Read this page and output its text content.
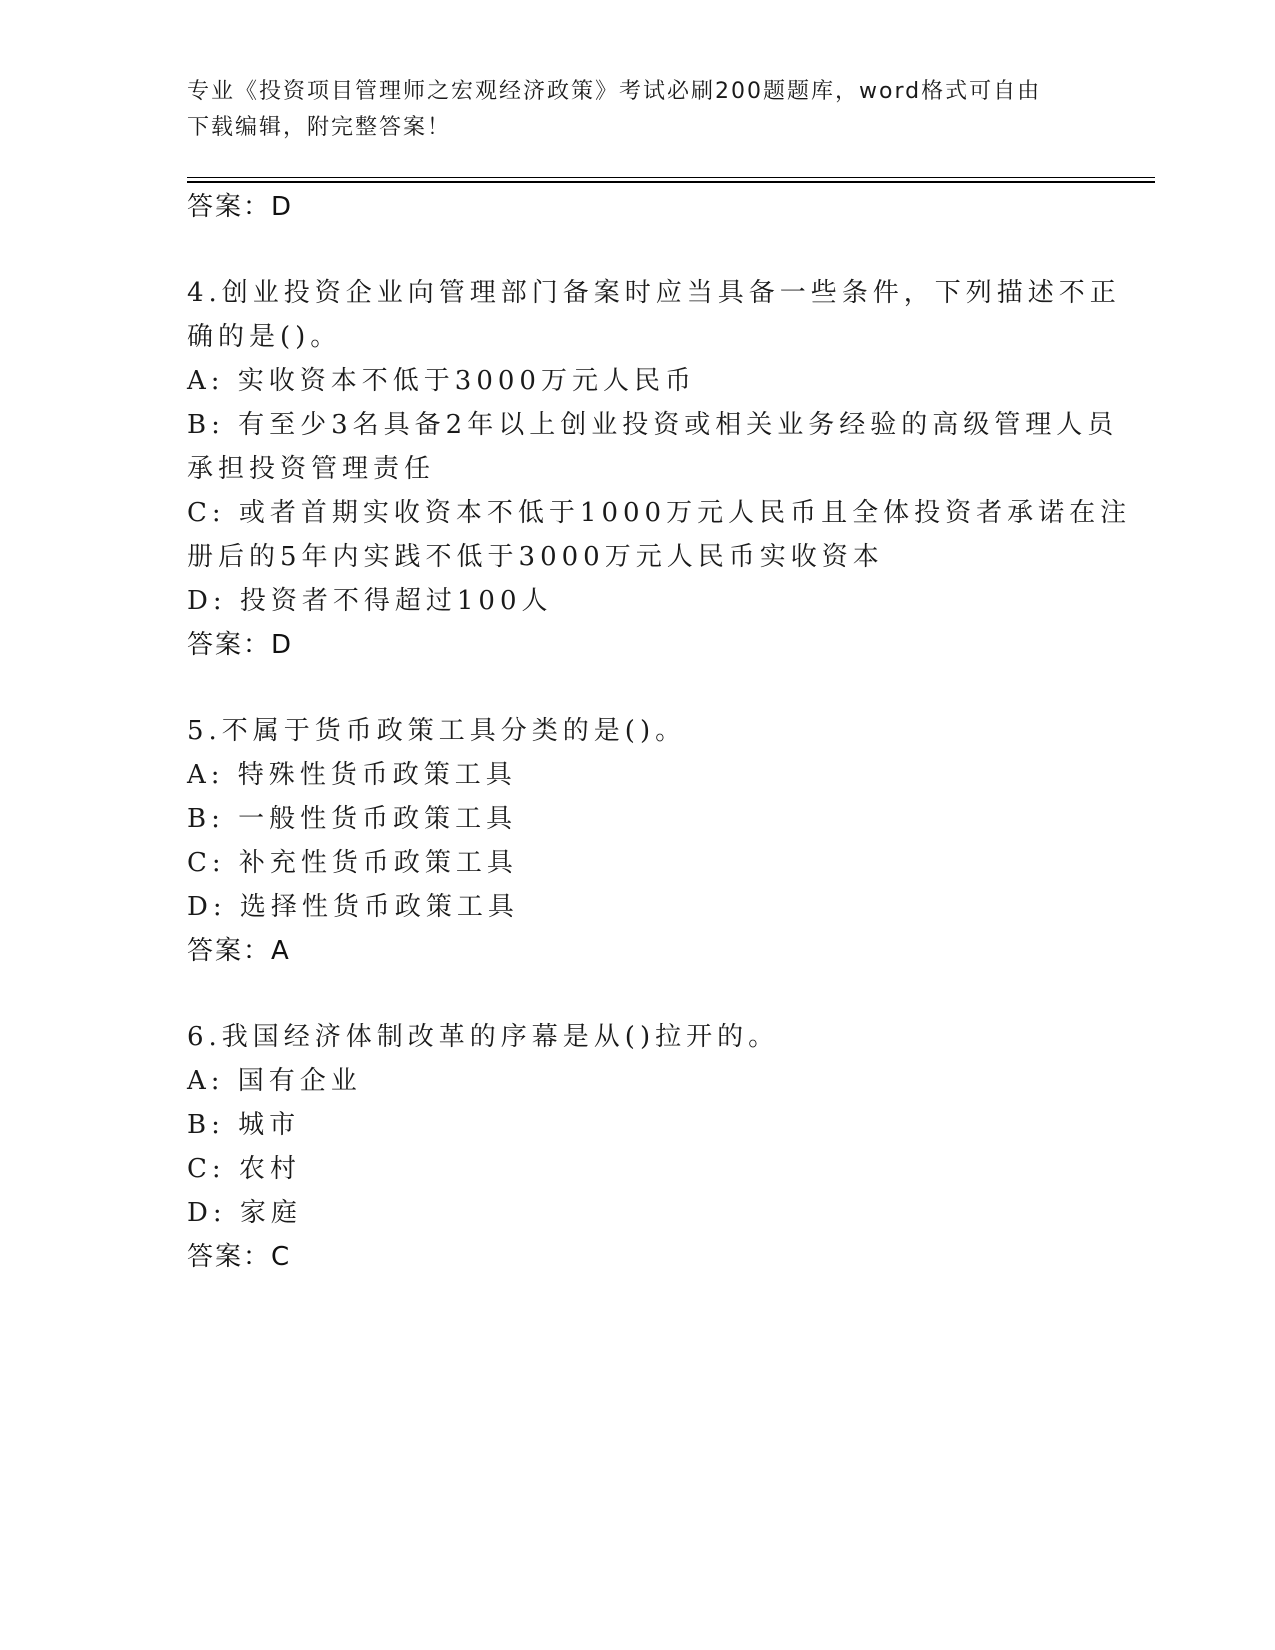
专业《投资项目管理师之宏观经济政策》考试必刷200题题库，word格式可自由
下载编辑，附完整答案！
答案：D
4.创业投资企业向管理部门备案时应当具备一些条件，下列描述不正
确的是()。
A: 实收资本不低于3000万元人民币
B: 有至少3名具备2年以上创业投资或相关业务经验的高级管理人员
承担投资管理责任
C: 或者首期实收资本不低于1000万元人民币且全体投资者承诺在注
册后的5年内实践不低于3000万元人民币实收资本
D: 投资者不得超过100人
答案：D
5.不属于货币政策工具分类的是()。
A: 特殊性货币政策工具
B: 一般性货币政策工具
C: 补充性货币政策工具
D: 选择性货币政策工具
答案：A
6.我国经济体制改革的序幕是从()拉开的。
A: 国有企业
B: 城市
C: 农村
D: 家庭
答案：C
